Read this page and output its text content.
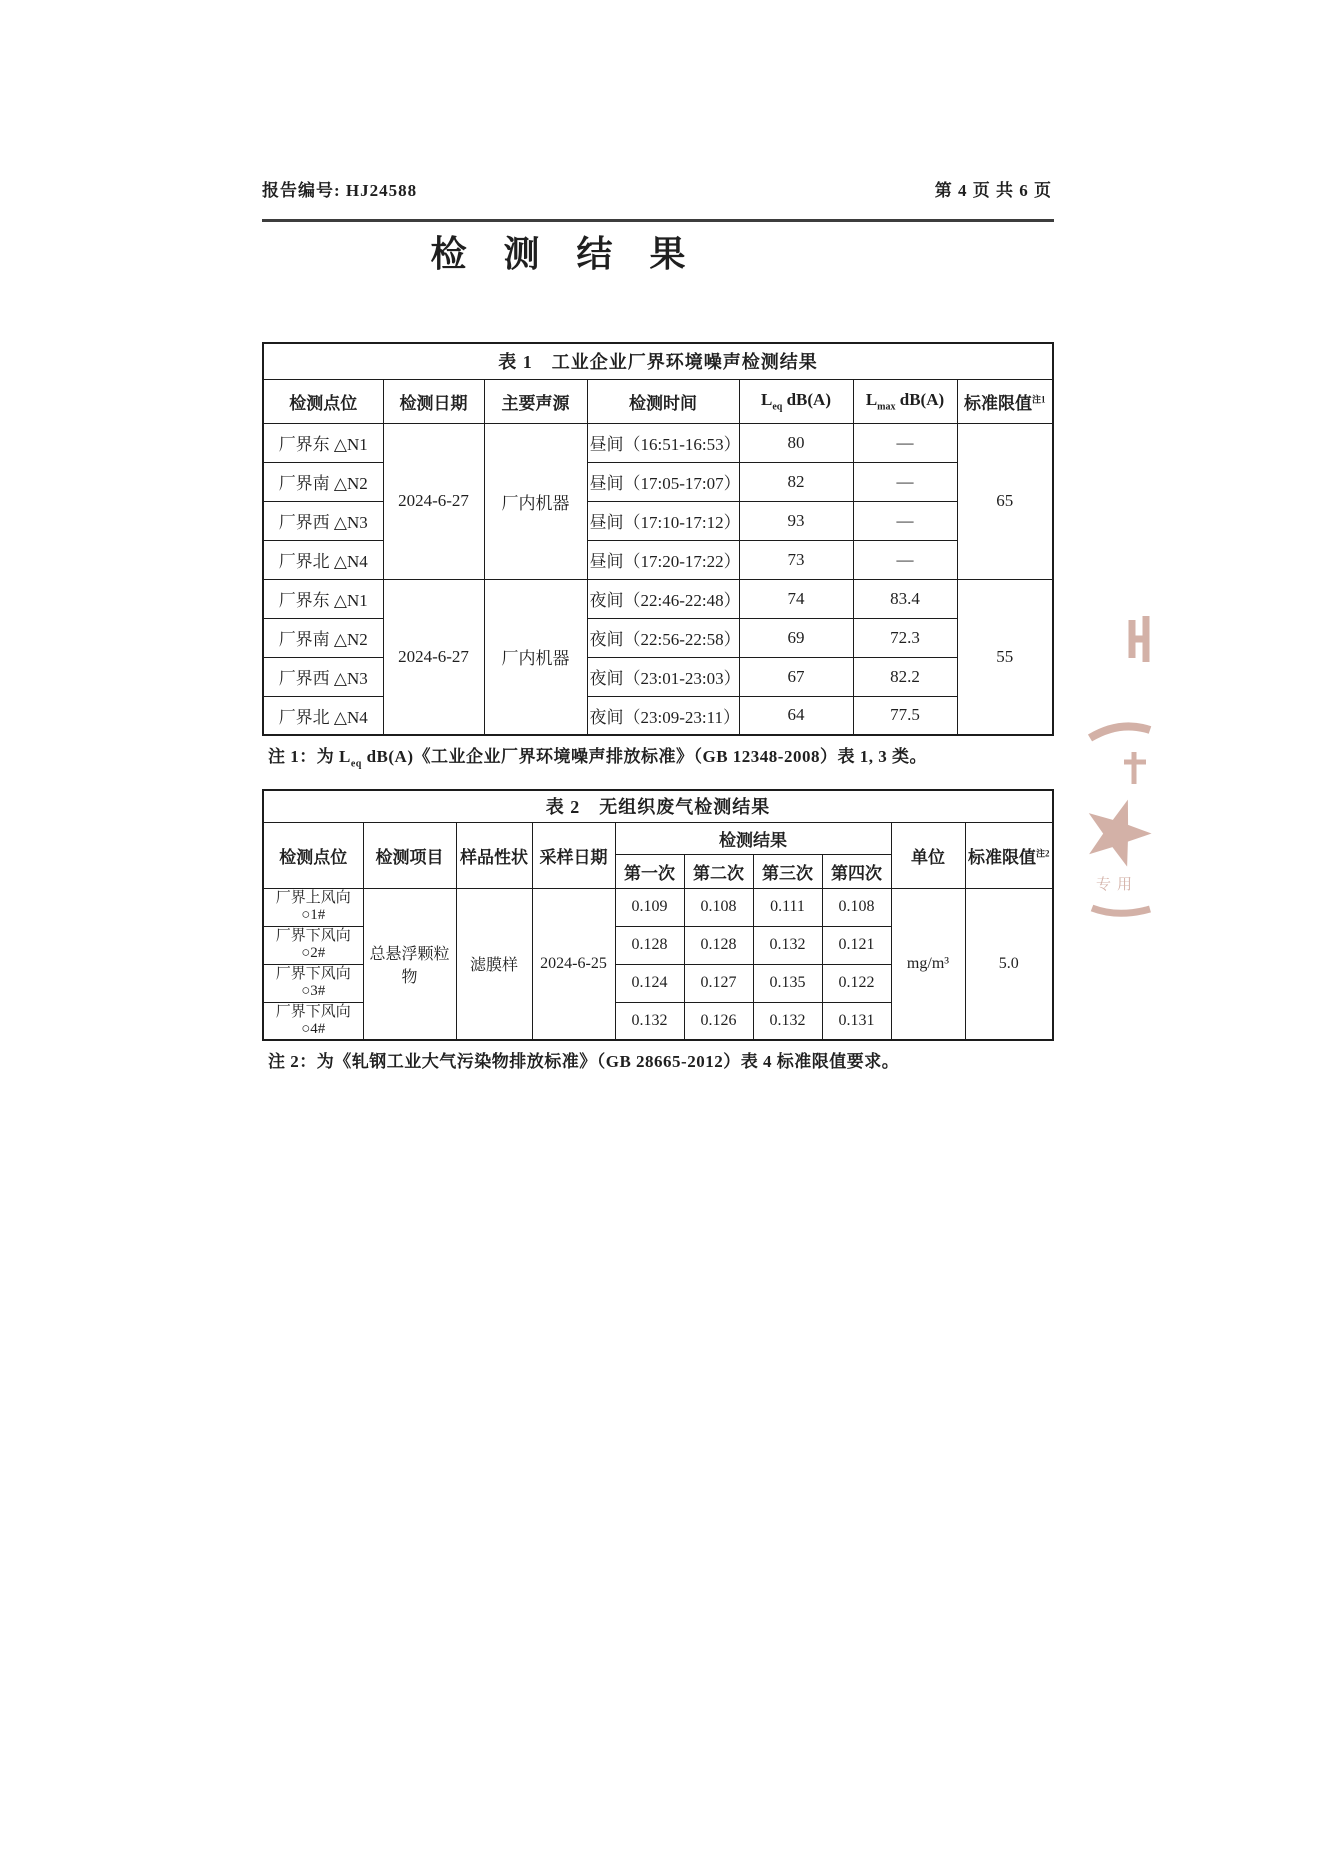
报告编号: HJ24588	第 4 页 共 6 页
检 测 结 果
表 1　工业企业厂界环境噪声检测结果						
检测点位	检测日期	主要声源	检测时间	$L_{eq}$ dB(A)	$L_{max}$ dB(A)	标准限值$^{注1}$
厂界东 △N1	2024-6-27	厂内机器	昼间（16:51-16:53）	80	—	65
厂界南 △N2			昼间（17:05-17:07）	82	—	
厂界西 △N3			昼间（17:10-17:12）	93	—	
厂界北 △N4			昼间（17:20-17:22）	73	—	
厂界东 △N1	2024-6-27	厂内机器	夜间（22:46-22:48）	74	83.4	55
厂界南 △N2			夜间（22:56-22:58）	69	72.3	
厂界西 △N3			夜间（23:01-23:03）	67	82.2	
厂界北 △N4			夜间（23:09-23:11）	64	77.5	
注 1：为 $L_{eq}$ dB(A)《工业企业厂界环境噪声排放标准》（GB 12348-2008）表 1, 3 类。
表 2　无组织废气检测结果									
检测点位	检测项目	样品性状	采样日期	检测结果				单位	标准限值$^{注2}$
				第一次	第二次	第三次	第四次		
厂界上风向
○1#	总悬浮颗粒物	滤膜样	2024-6-25	0.109	0.108	0.111	0.108	mg/m³	5.0
厂界下风向
○2#				0.128	0.128	0.132	0.121		
厂界下风向
○3#				0.124	0.127	0.135	0.122		
厂界下风向
○4#				0.132	0.126	0.132	0.131		
注 2：为《轧钢工业大气污染物排放标准》（GB 28665-2012）表 4 标准限值要求。
专用
